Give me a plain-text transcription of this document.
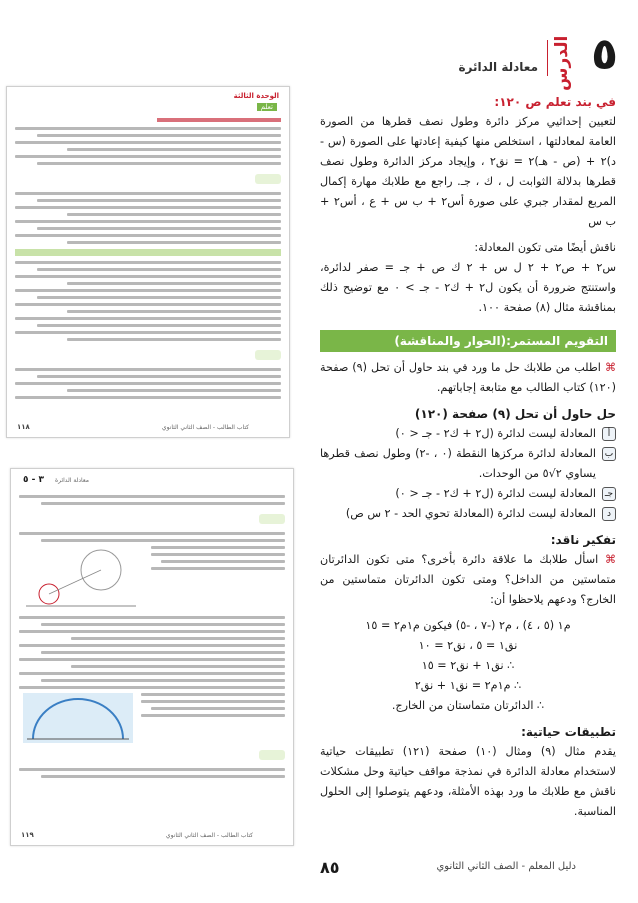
٥
الدرس
معادلة الدائرة
في بند تعلم ص ١٢٠:
لتعيين إحداثيي مركز دائرة وطول نصف قطرها من الصورة العامة لمعادلتها ، استخلص منها كيفية إعادتها على الصورة (س - د)٢ + (ص - هـ)٢ = نق٢ ، وإيجاد مركز الدائرة وطول نصف قطرها بدلالة الثوابت ل ، ك ، جـ. راجع مع طلابك مهارة إكمال المربع لمقدار جبري على صورة أس٢ + ب س + ع ، أس٢ + ب س
ناقش أيضًا متى تكون المعادلة:
س٢ + ص٢ + ٢ ل س + ٢ ك ص + جـ = صفر لدائرة، واستنتج ضرورة أن يكون ل٢ + ك٢ - جـ > ٠ مع توضيح ذلك بمناقشة مثال (٨) صفحة ١٠٠.
التقويم المستمر:(الحوار والمناقشة)
⌘ اطلب من طلابك حل ما ورد في بند حاول أن تحل (٩) صفحة (١٢٠) كتاب الطالب مع متابعة إجاباتهم.
حل حاول أن تحل (٩) صفحة (١٢٠)
أ
المعادلة ليست لدائرة (ل٢ + ك٢ - جـ < ٠)
ب
المعادلة لدائرة مركزها النقطة (٠ ، -٢) وطول نصف قطرها يساوي ٢√٥ من الوحدات.
جـ
المعادلة ليست لدائرة (ل٢ + ك٢ - جـ < ٠)
د
المعادلة ليست لدائرة (المعادلة تحوي الحد - ٢ س ص)
تفكير ناقد:
⌘ اسأل طلابك ما علاقة دائرة بأخرى؟ متى تكون الدائرتان متماستين من الداخل؟ ومتى تكون الدائرتان متماستين من الخارج؟ ودعهم يلاحظوا أن:
م١ (٥ ، ٤) ، م٢ (-٧ ، -٥) فيكون م١م٢ = ١٥
نق١ = ٥ ، نق٢ = ١٠
∴ نق١ + نق٢ = ١٥
∴ م١م٢ = نق١ + نق٢
∴ الدائرتان متماستان من الخارج.
تطبيقات حياتية:
يقدم مثال (٩) ومثال (١٠) صفحة (١٢١) تطبيقات حياتية لاستخدام معادلة الدائرة في نمذجة مواقف حياتية وحل مشكلات ناقش مع طلابك ما ورد بهذه الأمثلة، ودعهم يتوصلوا إلى الحلول المناسبة.
الوحدة الثالثة
تعلم
١١٨	كتاب الطالب - الصف الثاني الثانوي
٣ - ٥ معادلة الدائرة
١١٩	كتاب الطالب - الصف الثاني الثانوي
٨٥	دليل المعلم - الصف الثاني الثانوي
